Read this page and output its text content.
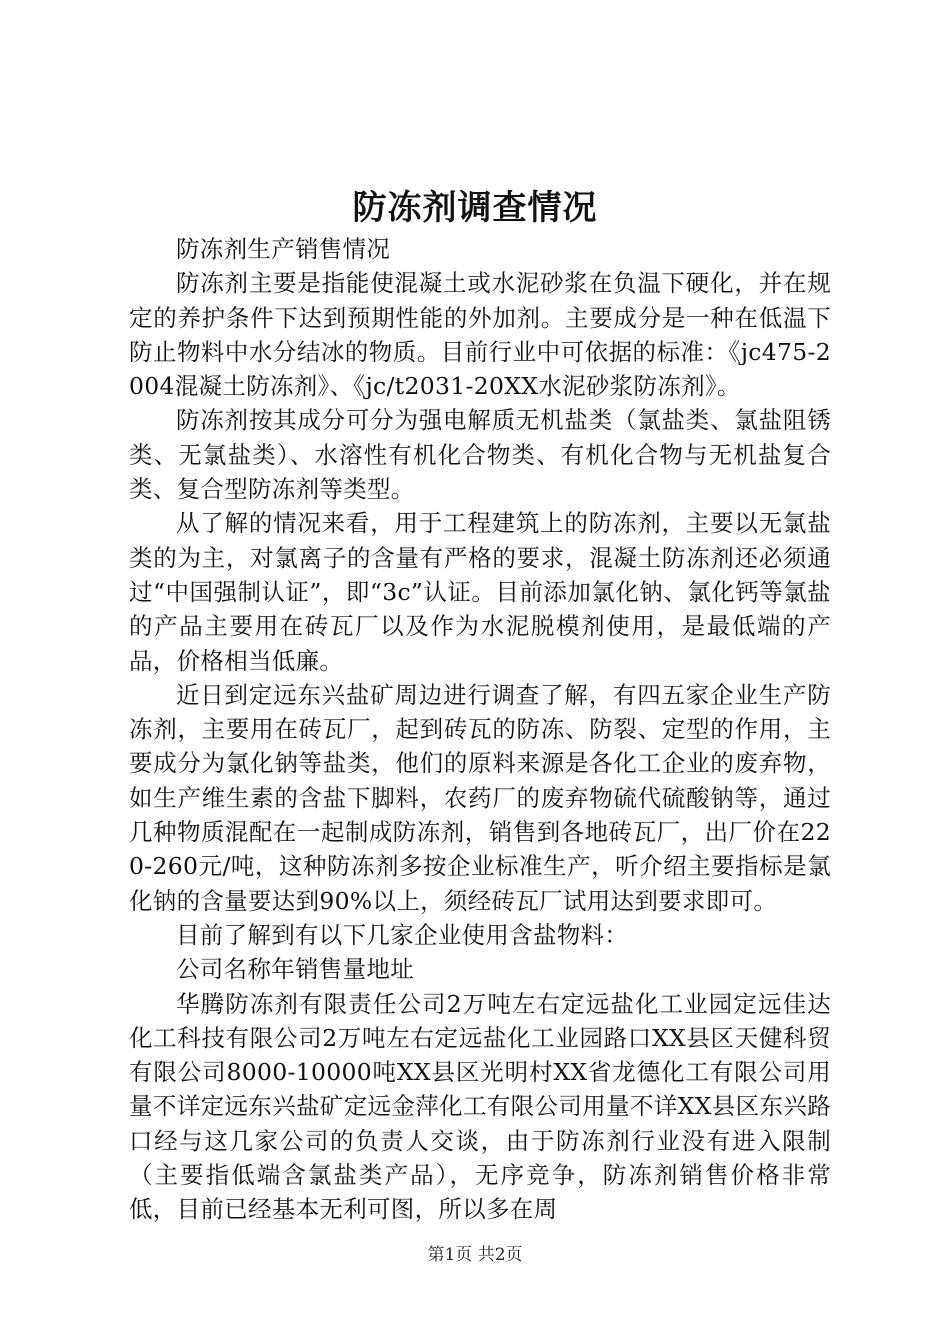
防冻剂调查情况

防冻剂生产销售情况

防冻剂主要是指能使混凝土或水泥砂浆在负温下硬化，并在规定的养护条件下达到预期性能的外加剂。主要成分是一种在低温下防止物料中水分结冰的物质。目前行业中可依据的标准：《jc475-2004混凝土防冻剂》、《jc/t2031-20XX水泥砂浆防冻剂》。

防冻剂按其成分可分为强电解质无机盐类（氯盐类、氯盐阻锈类、无氯盐类）、水溶性有机化合物类、有机化合物与无机盐复合类、复合型防冻剂等类型。

从了解的情况来看，用于工程建筑上的防冻剂，主要以无氯盐类的为主，对氯离子的含量有严格的要求，混凝土防冻剂还必须通过“中国强制认证”，即“3c”认证。目前添加氯化钠、氯化钙等氯盐的产品主要用在砖瓦厂以及作为水泥脱模剂使用，是最低端的产品，价格相当低廉。

近日到定远东兴盐矿周边进行调查了解，有四五家企业生产防冻剂，主要用在砖瓦厂，起到砖瓦的防冻、防裂、定型的作用，主要成分为氯化钠等盐类，他们的原料来源是各化工企业的废弃物，如生产维生素的含盐下脚料，农药厂的废弃物硫代硫酸钠等，通过几种物质混配在一起制成防冻剂，销售到各地砖瓦厂，出厂价在220-260元/吨，这种防冻剂多按企业标准生产，听介绍主要指标是氯化钠的含量要达到90%以上，须经砖瓦厂试用达到要求即可。

目前了解到有以下几家企业使用含盐物料：

公司名称年销售量地址

华腾防冻剂有限责任公司2万吨左右定远盐化工业园定远佳达化工科技有限公司2万吨左右定远盐化工业园路口XX县区天健科贸有限公司8000-10000吨XX县区光明村XX省龙德化工有限公司用量不详定远东兴盐矿定远金萍化工有限公司用量不详XX县区东兴路口经与这几家公司的负责人交谈，由于防冻剂行业没有进入限制（主要指低端含氯盐类产品），无序竞争，防冻剂销售价格非常低，目前已经基本无利可图，所以多在周

第1页 共2页
